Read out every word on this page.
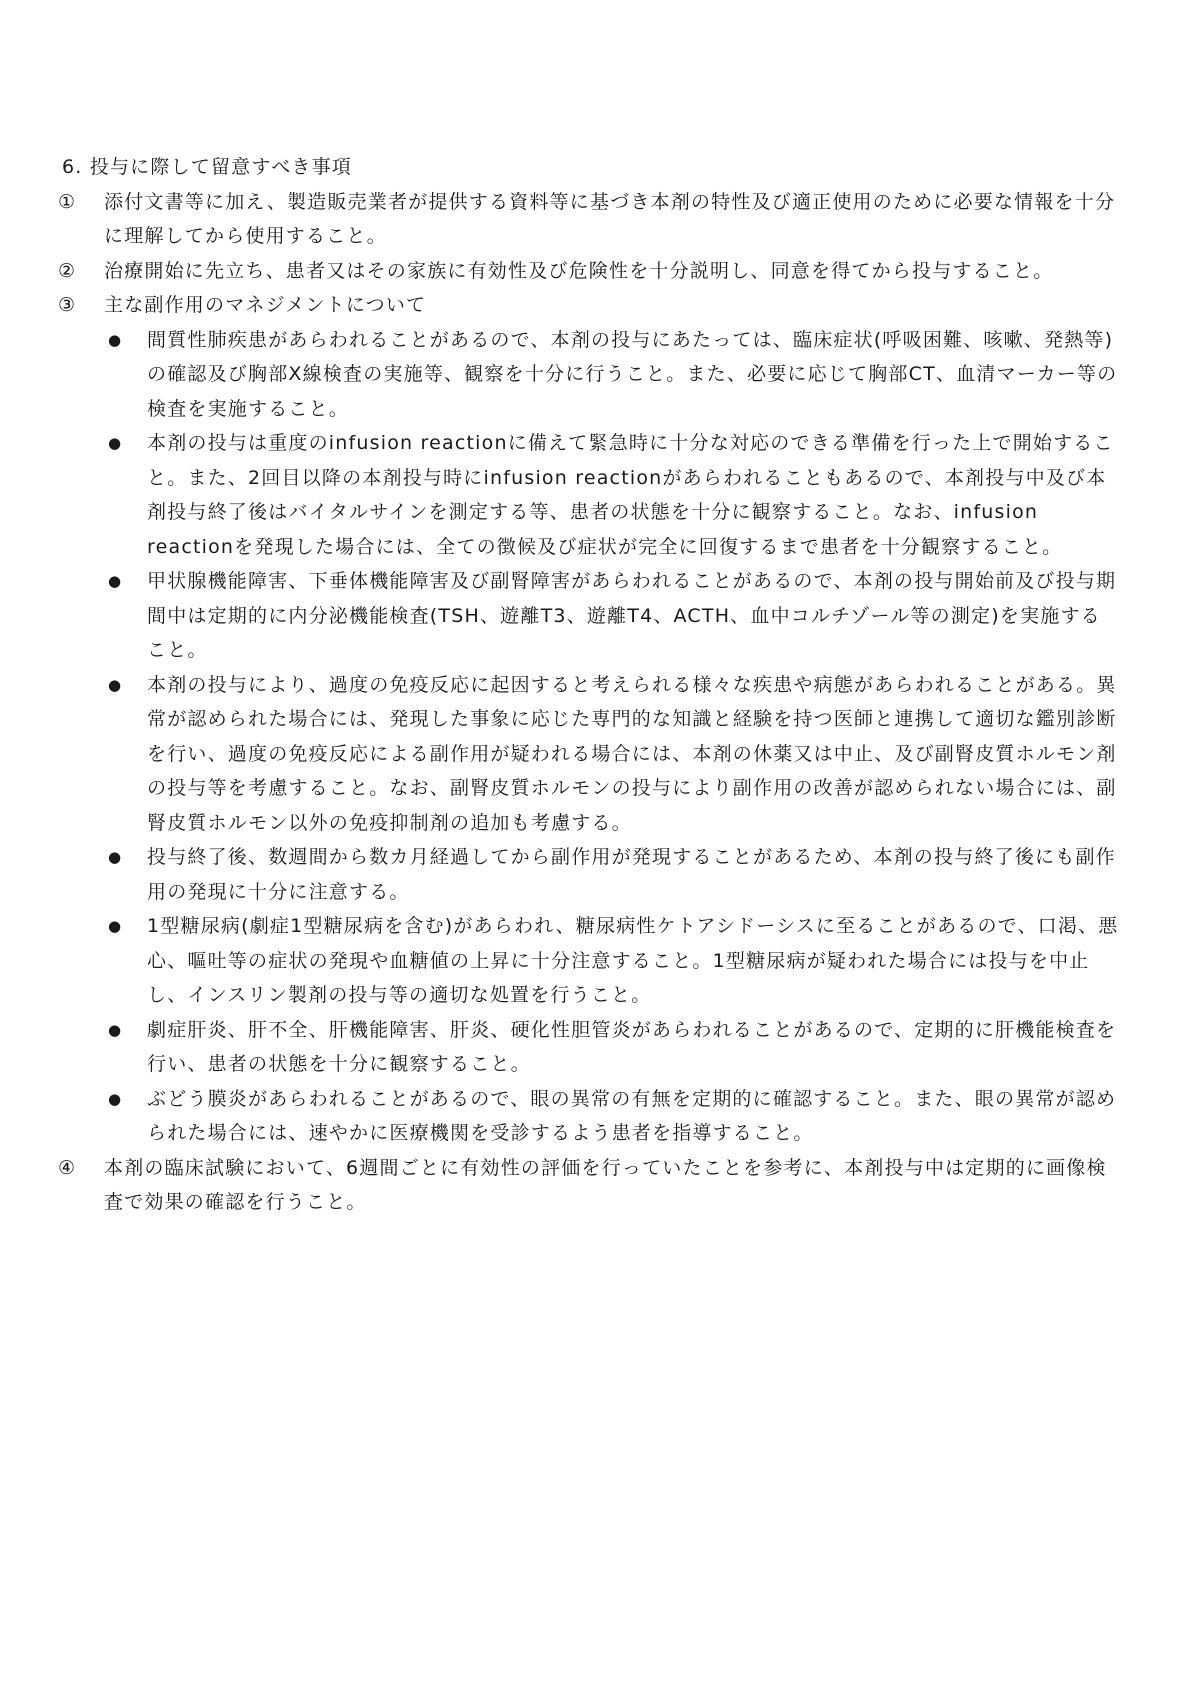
6. 投与に際して留意すべき事項
①	添付文書等に加え、製造販売業者が提供する資料等に基づき本剤の特性及び適正使用のために必要な情報を十分に理解してから使用すること。
②	治療開始に先立ち、患者又はその家族に有効性及び危険性を十分説明し、同意を得てから投与すること。
③	主な副作用のマネジメントについて
●	間質性肺疾患があらわれることがあるので、本剤の投与にあたっては、臨床症状(呼吸困難、咳嗽、発熱等)の確認及び胸部X線検査の実施等、観察を十分に行うこと。また、必要に応じて胸部CT、血清マーカー等の検査を実施すること。
●	本剤の投与は重度のinfusion reactionに備えて緊急時に十分な対応のできる準備を行った上で開始すること。また、2回目以降の本剤投与時にinfusion reactionがあらわれることもあるので、本剤投与中及び本剤投与終了後はバイタルサインを測定する等、患者の状態を十分に観察すること。なお、infusion reactionを発現した場合には、全ての徴候及び症状が完全に回復するまで患者を十分観察すること。
●	甲状腺機能障害、下垂体機能障害及び副腎障害があらわれることがあるので、本剤の投与開始前及び投与期間中は定期的に内分泌機能検査(TSH、遊離T3、遊離T4、ACTH、血中コルチゾール等の測定)を実施すること。
●	本剤の投与により、過度の免疫反応に起因すると考えられる様々な疾患や病態があらわれることがある。異常が認められた場合には、発現した事象に応じた専門的な知識と経験を持つ医師と連携して適切な鑑別診断を行い、過度の免疫反応による副作用が疑われる場合には、本剤の休薬又は中止、及び副腎皮質ホルモン剤の投与等を考慮すること。なお、副腎皮質ホルモンの投与により副作用の改善が認められない場合には、副腎皮質ホルモン以外の免疫抑制剤の追加も考慮する。
●	投与終了後、数週間から数カ月経過してから副作用が発現することがあるため、本剤の投与終了後にも副作用の発現に十分に注意する。
●	1型糖尿病(劇症1型糖尿病を含む)があらわれ、糖尿病性ケトアシドーシスに至ることがあるので、口渇、悪心、嘔吐等の症状の発現や血糖値の上昇に十分注意すること。1型糖尿病が疑われた場合には投与を中止し、インスリン製剤の投与等の適切な処置を行うこと。
●	劇症肝炎、肝不全、肝機能障害、肝炎、硬化性胆管炎があらわれることがあるので、定期的に肝機能検査を行い、患者の状態を十分に観察すること。
●	ぶどう膜炎があらわれることがあるので、眼の異常の有無を定期的に確認すること。また、眼の異常が認められた場合には、速やかに医療機関を受診するよう患者を指導すること。
④	本剤の臨床試験において、6週間ごとに有効性の評価を行っていたことを参考に、本剤投与中は定期的に画像検査で効果の確認を行うこと。
